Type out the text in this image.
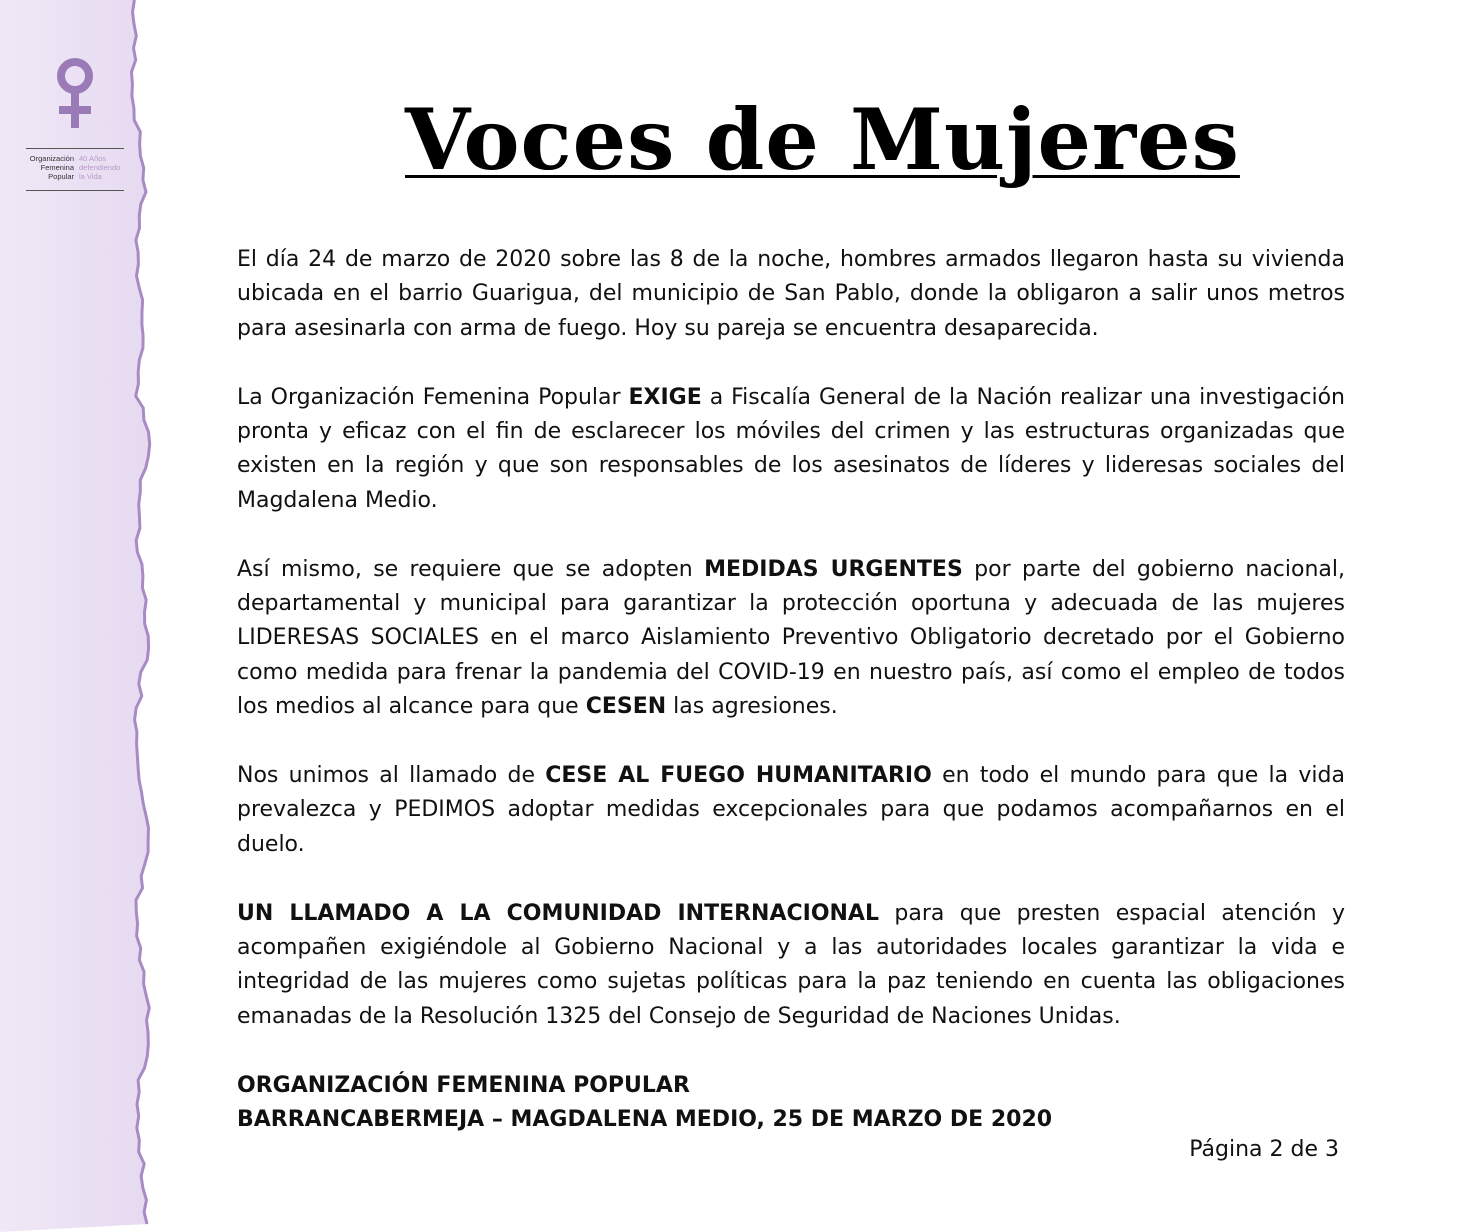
Organización
Femenina
Popular
40 Años
defendiendo
la Vida	Voces de Mujeres

El día 24 de marzo de 2020 sobre las 8 de la noche, hombres armados llegaron hasta su vivienda ubicada en el barrio Guarigua, del municipio de San Pablo, donde la obligaron a salir unos metros para asesinarla con arma de fuego. Hoy su pareja se encuentra desaparecida.

La Organización Femenina Popular EXIGE a Fiscalía General de la Nación realizar una investigación pronta y eficaz con el fin de esclarecer los móviles del crimen y las estructuras organizadas que existen en la región y que son responsables de los asesinatos de líderes y lideresas sociales del Magdalena Medio.

Así mismo, se requiere que se adopten MEDIDAS URGENTES por parte del gobierno nacional, departamental y municipal para garantizar la protección oportuna y adecuada de las mujeres LIDERESAS SOCIALES en el marco Aislamiento Preventivo Obligatorio decretado por el Gobierno como medida para frenar la pandemia del COVID-19 en nuestro país, así como el empleo de todos los medios al alcance para que CESEN las agresiones.

Nos unimos al llamado de CESE AL FUEGO HUMANITARIO en todo el mundo para que la vida prevalezca y PEDIMOS adoptar medidas excepcionales para que podamos acompañarnos en el duelo.

UN LLAMADO A LA COMUNIDAD INTERNACIONAL para que presten espacial atención y acompañen exigiéndole al Gobierno Nacional y a las autoridades locales garantizar la vida e integridad de las mujeres como sujetas políticas para la paz teniendo en cuenta las obligaciones emanadas de la Resolución 1325 del Consejo de Seguridad de Naciones Unidas.

ORGANIZACIÓN FEMENINA POPULAR

BARRANCABERMEJA – MAGDALENA MEDIO, 25 DE MARZO DE 2020

Página 2 de 3
